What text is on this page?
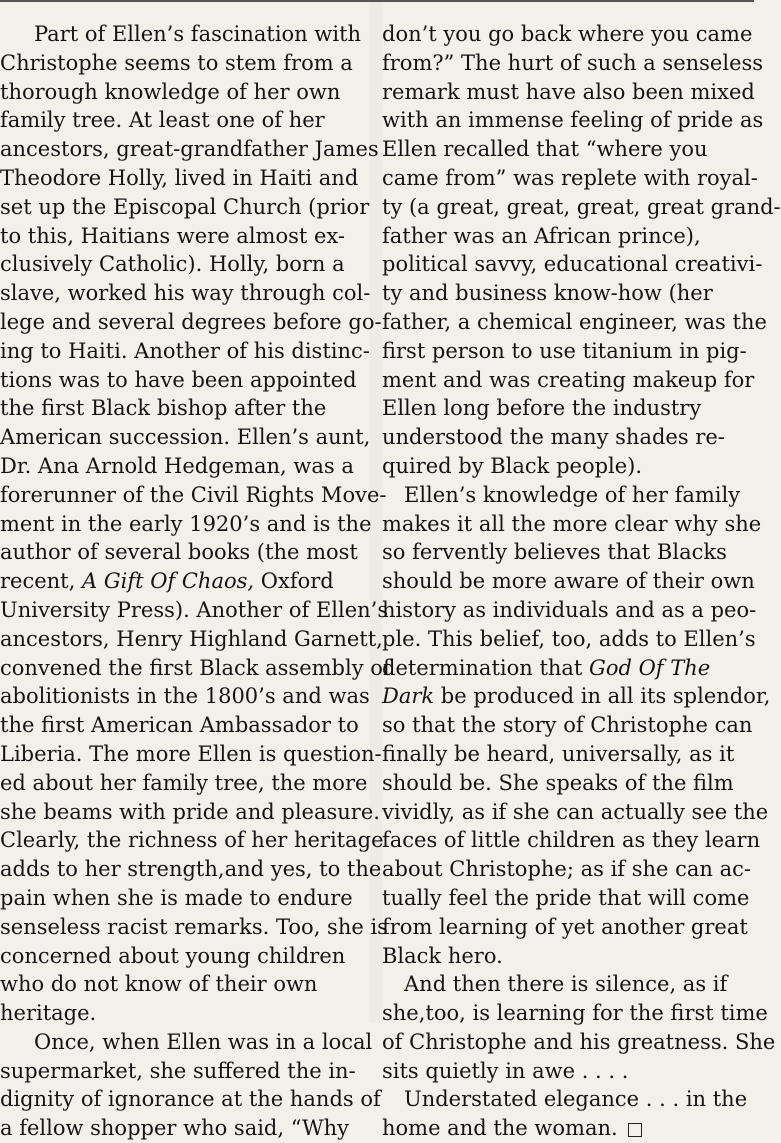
Part of Ellen’s fascination with
Christophe seems to stem from a
thorough knowledge of her own
family tree. At least one of her
ancestors, great-grandfather James
Theodore Holly, lived in Haiti and
set up the Episcopal Church (prior
to this, Haitians were almost ex-
clusively Catholic). Holly, born a
slave, worked his way through col-
lege and several degrees before go-
ing to Haiti. Another of his distinc-
tions was to have been appointed
the first Black bishop after the
American succession. Ellen’s aunt,
Dr. Ana Arnold Hedgeman, was a
forerunner of the Civil Rights Move-
ment in the early 1920’s and is the
author of several books (the most
recent, A Gift Of Chaos, Oxford
University Press). Another of Ellen’s
ancestors, Henry Highland Garnett,
convened the first Black assembly of
abolitionists in the 1800’s and was
the first American Ambassador to
Liberia. The more Ellen is question-
ed about her family tree, the more
she beams with pride and pleasure.
Clearly, the richness of her heritage
adds to her strength,and yes, to the
pain when she is made to endure
senseless racist remarks. Too, she is
concerned about young children
who do not know of their own
heritage.
Once, when Ellen was in a local
supermarket, she suffered the in-
dignity of ignorance at the hands of
a fellow shopper who said, “Why
don’t you go back where you came
from?” The hurt of such a senseless
remark must have also been mixed
with an immense feeling of pride as
Ellen recalled that “where you
came from” was replete with royal-
ty (a great, great, great, great grand-
father was an African prince),
political savvy, educational creativi-
ty and business know-how (her
father, a chemical engineer, was the
first person to use titanium in pig-
ment and was creating makeup for
Ellen long before the industry
understood the many shades re-
quired by Black people).
Ellen’s knowledge of her family
makes it all the more clear why she
so fervently believes that Blacks
should be more aware of their own
history as individuals and as a peo-
ple. This belief, too, adds to Ellen’s
determination that God Of The
Dark be produced in all its splendor,
so that the story of Christophe can
finally be heard, universally, as it
should be. She speaks of the film
vividly, as if she can actually see the
faces of little children as they learn
about Christophe; as if she can ac-
tually feel the pride that will come
from learning of yet another great
Black hero.
And then there is silence, as if
she,too, is learning for the first time
of Christophe and his greatness. She
sits quietly in awe . . . .
Understated elegance . . . in the
home and the woman.
